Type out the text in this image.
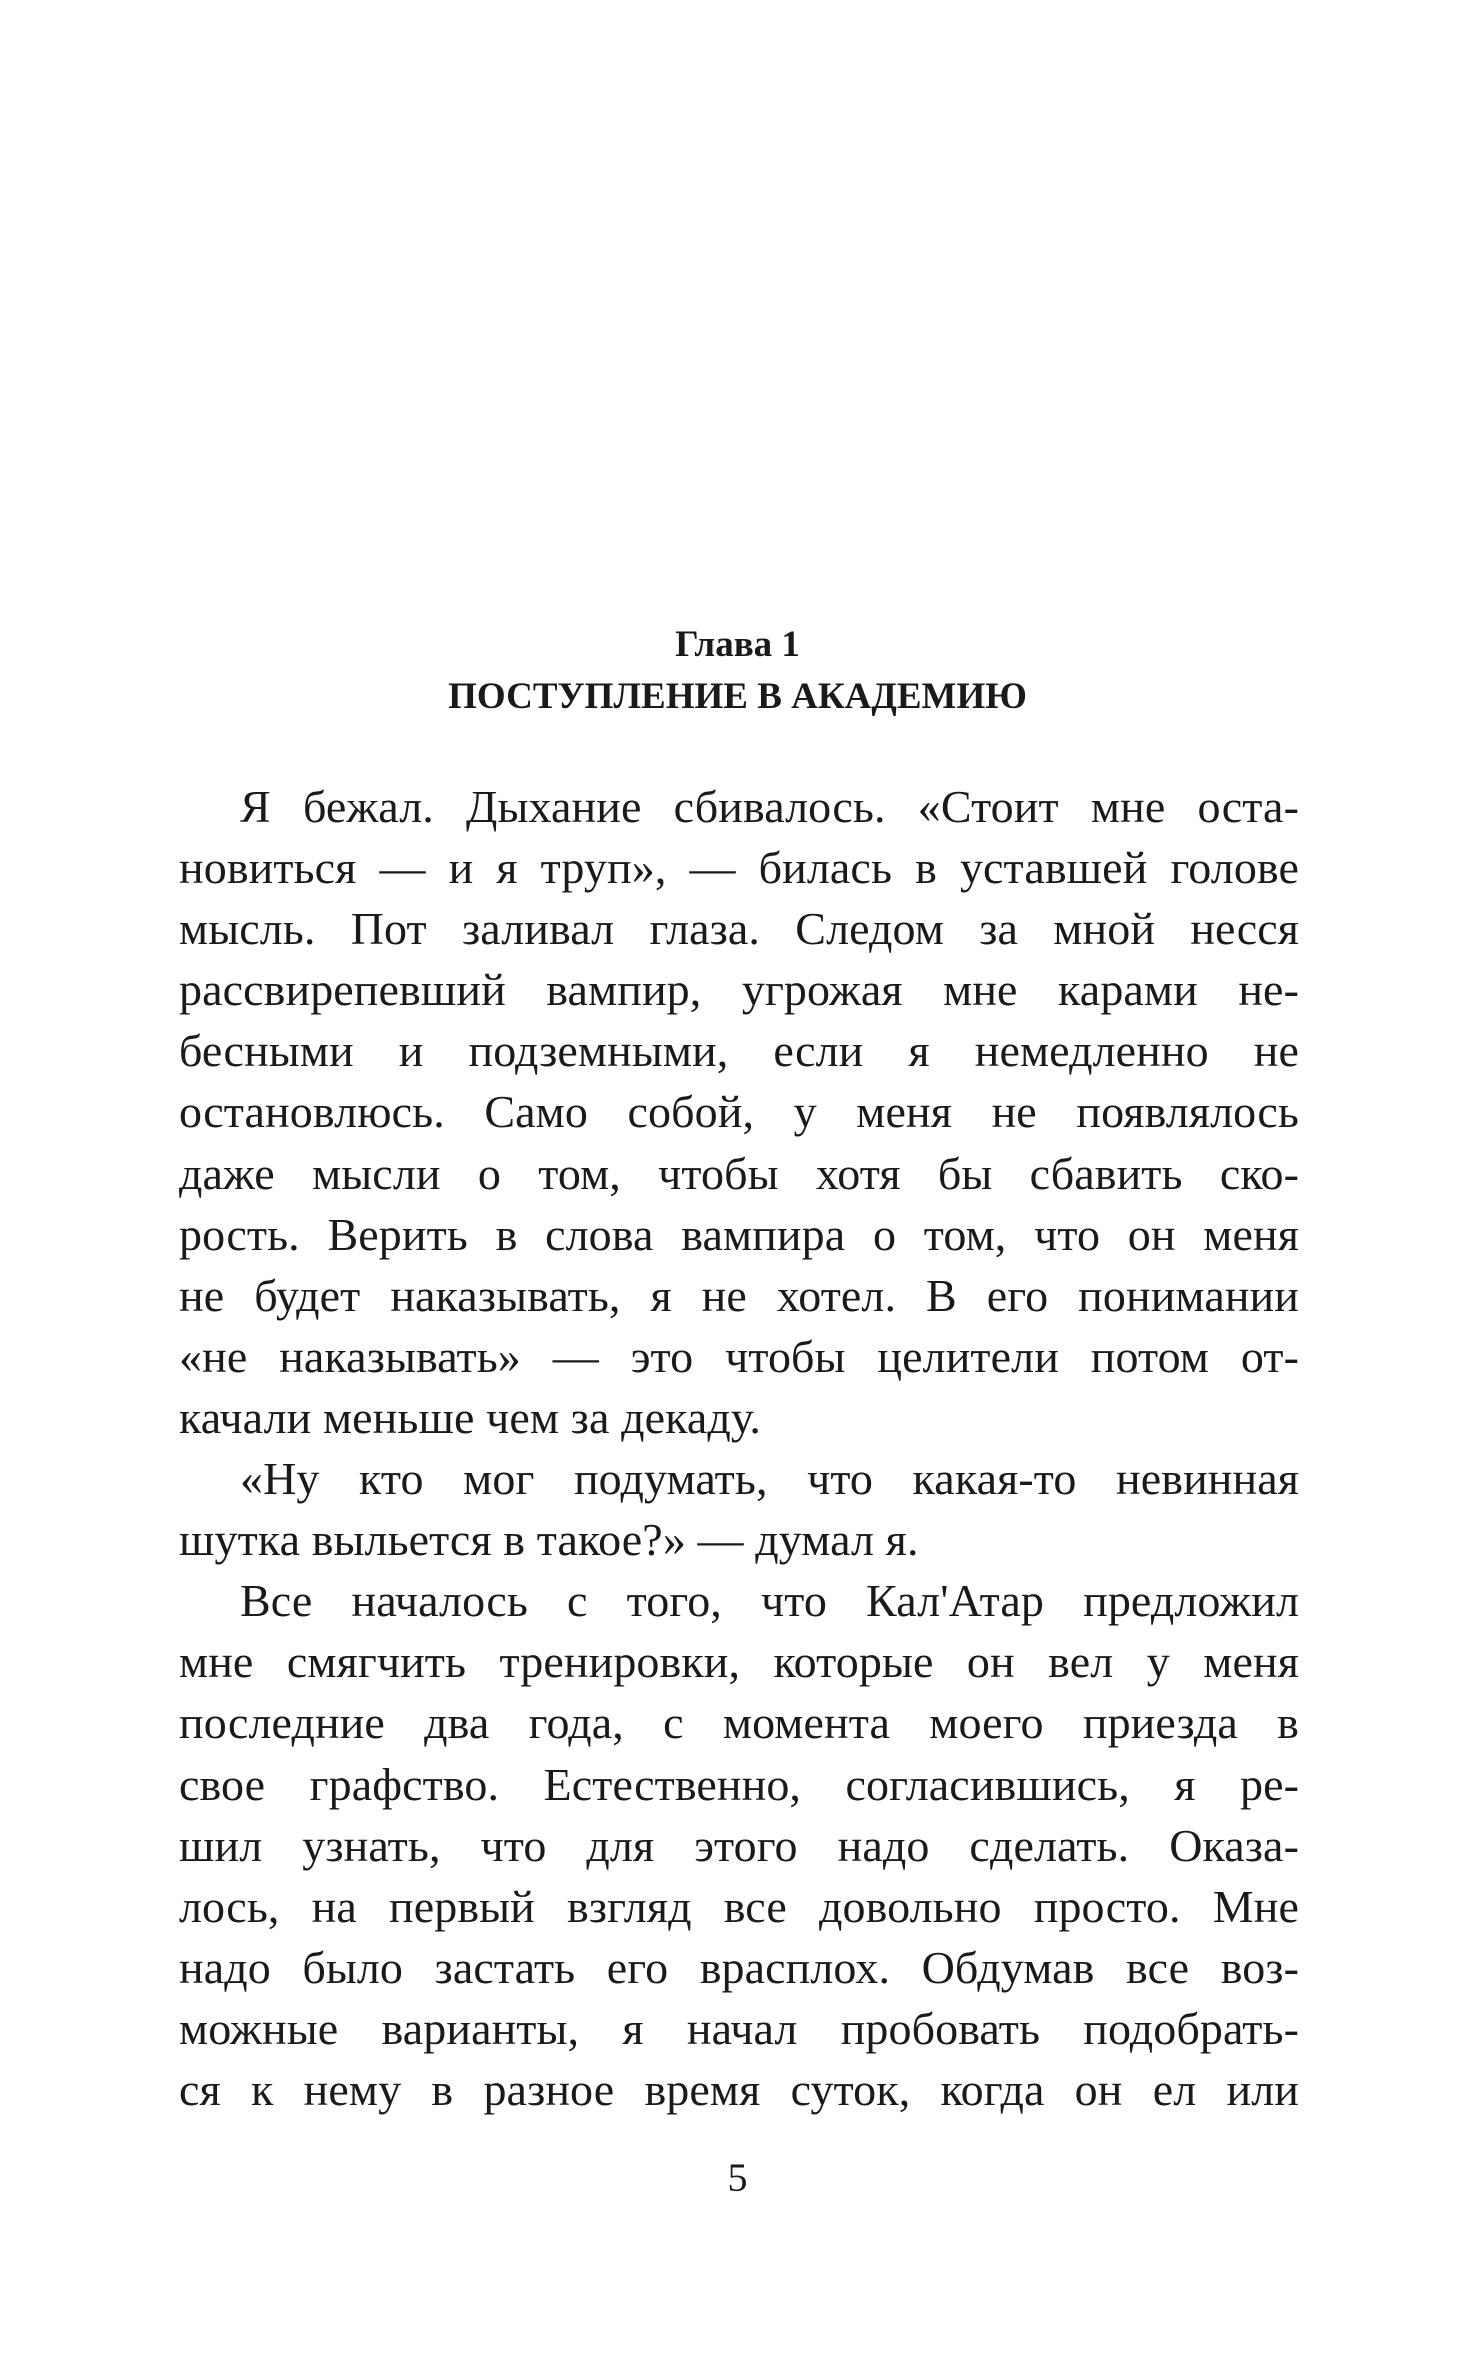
Глава 1
ПОСТУПЛЕНИЕ В АКАДЕМИЮ
Я бежал. Дыхание сбивалось. «Стоит мне оста-
новиться — и я труп», — билась в уставшей голове
мысль. Пот заливал глаза. Следом за мной несся
рассвирепевший вампир, угрожая мне карами не-
бесными и подземными, если я немедленно не
остановлюсь. Само собой, у меня не появлялось
даже мысли о том, чтобы хотя бы сбавить ско-
рость. Верить в слова вампира о том, что он меня
не будет наказывать, я не хотел. В его понимании
«не наказывать» — это чтобы целители потом от-
качали меньше чем за декаду.
«Ну кто мог подумать, что какая-то невинная
шутка выльется в такое?» — думал я.
Все началось с того, что Кал'Атар предложил
мне смягчить тренировки, которые он вел у меня
последние два года, с момента моего приезда в
свое графство. Естественно, согласившись, я ре-
шил узнать, что для этого надо сделать. Оказа-
лось, на первый взгляд все довольно просто. Мне
надо было застать его врасплох. Обдумав все воз-
можные варианты, я начал пробовать подобрать-
ся к нему в разное время суток, когда он ел или
5
